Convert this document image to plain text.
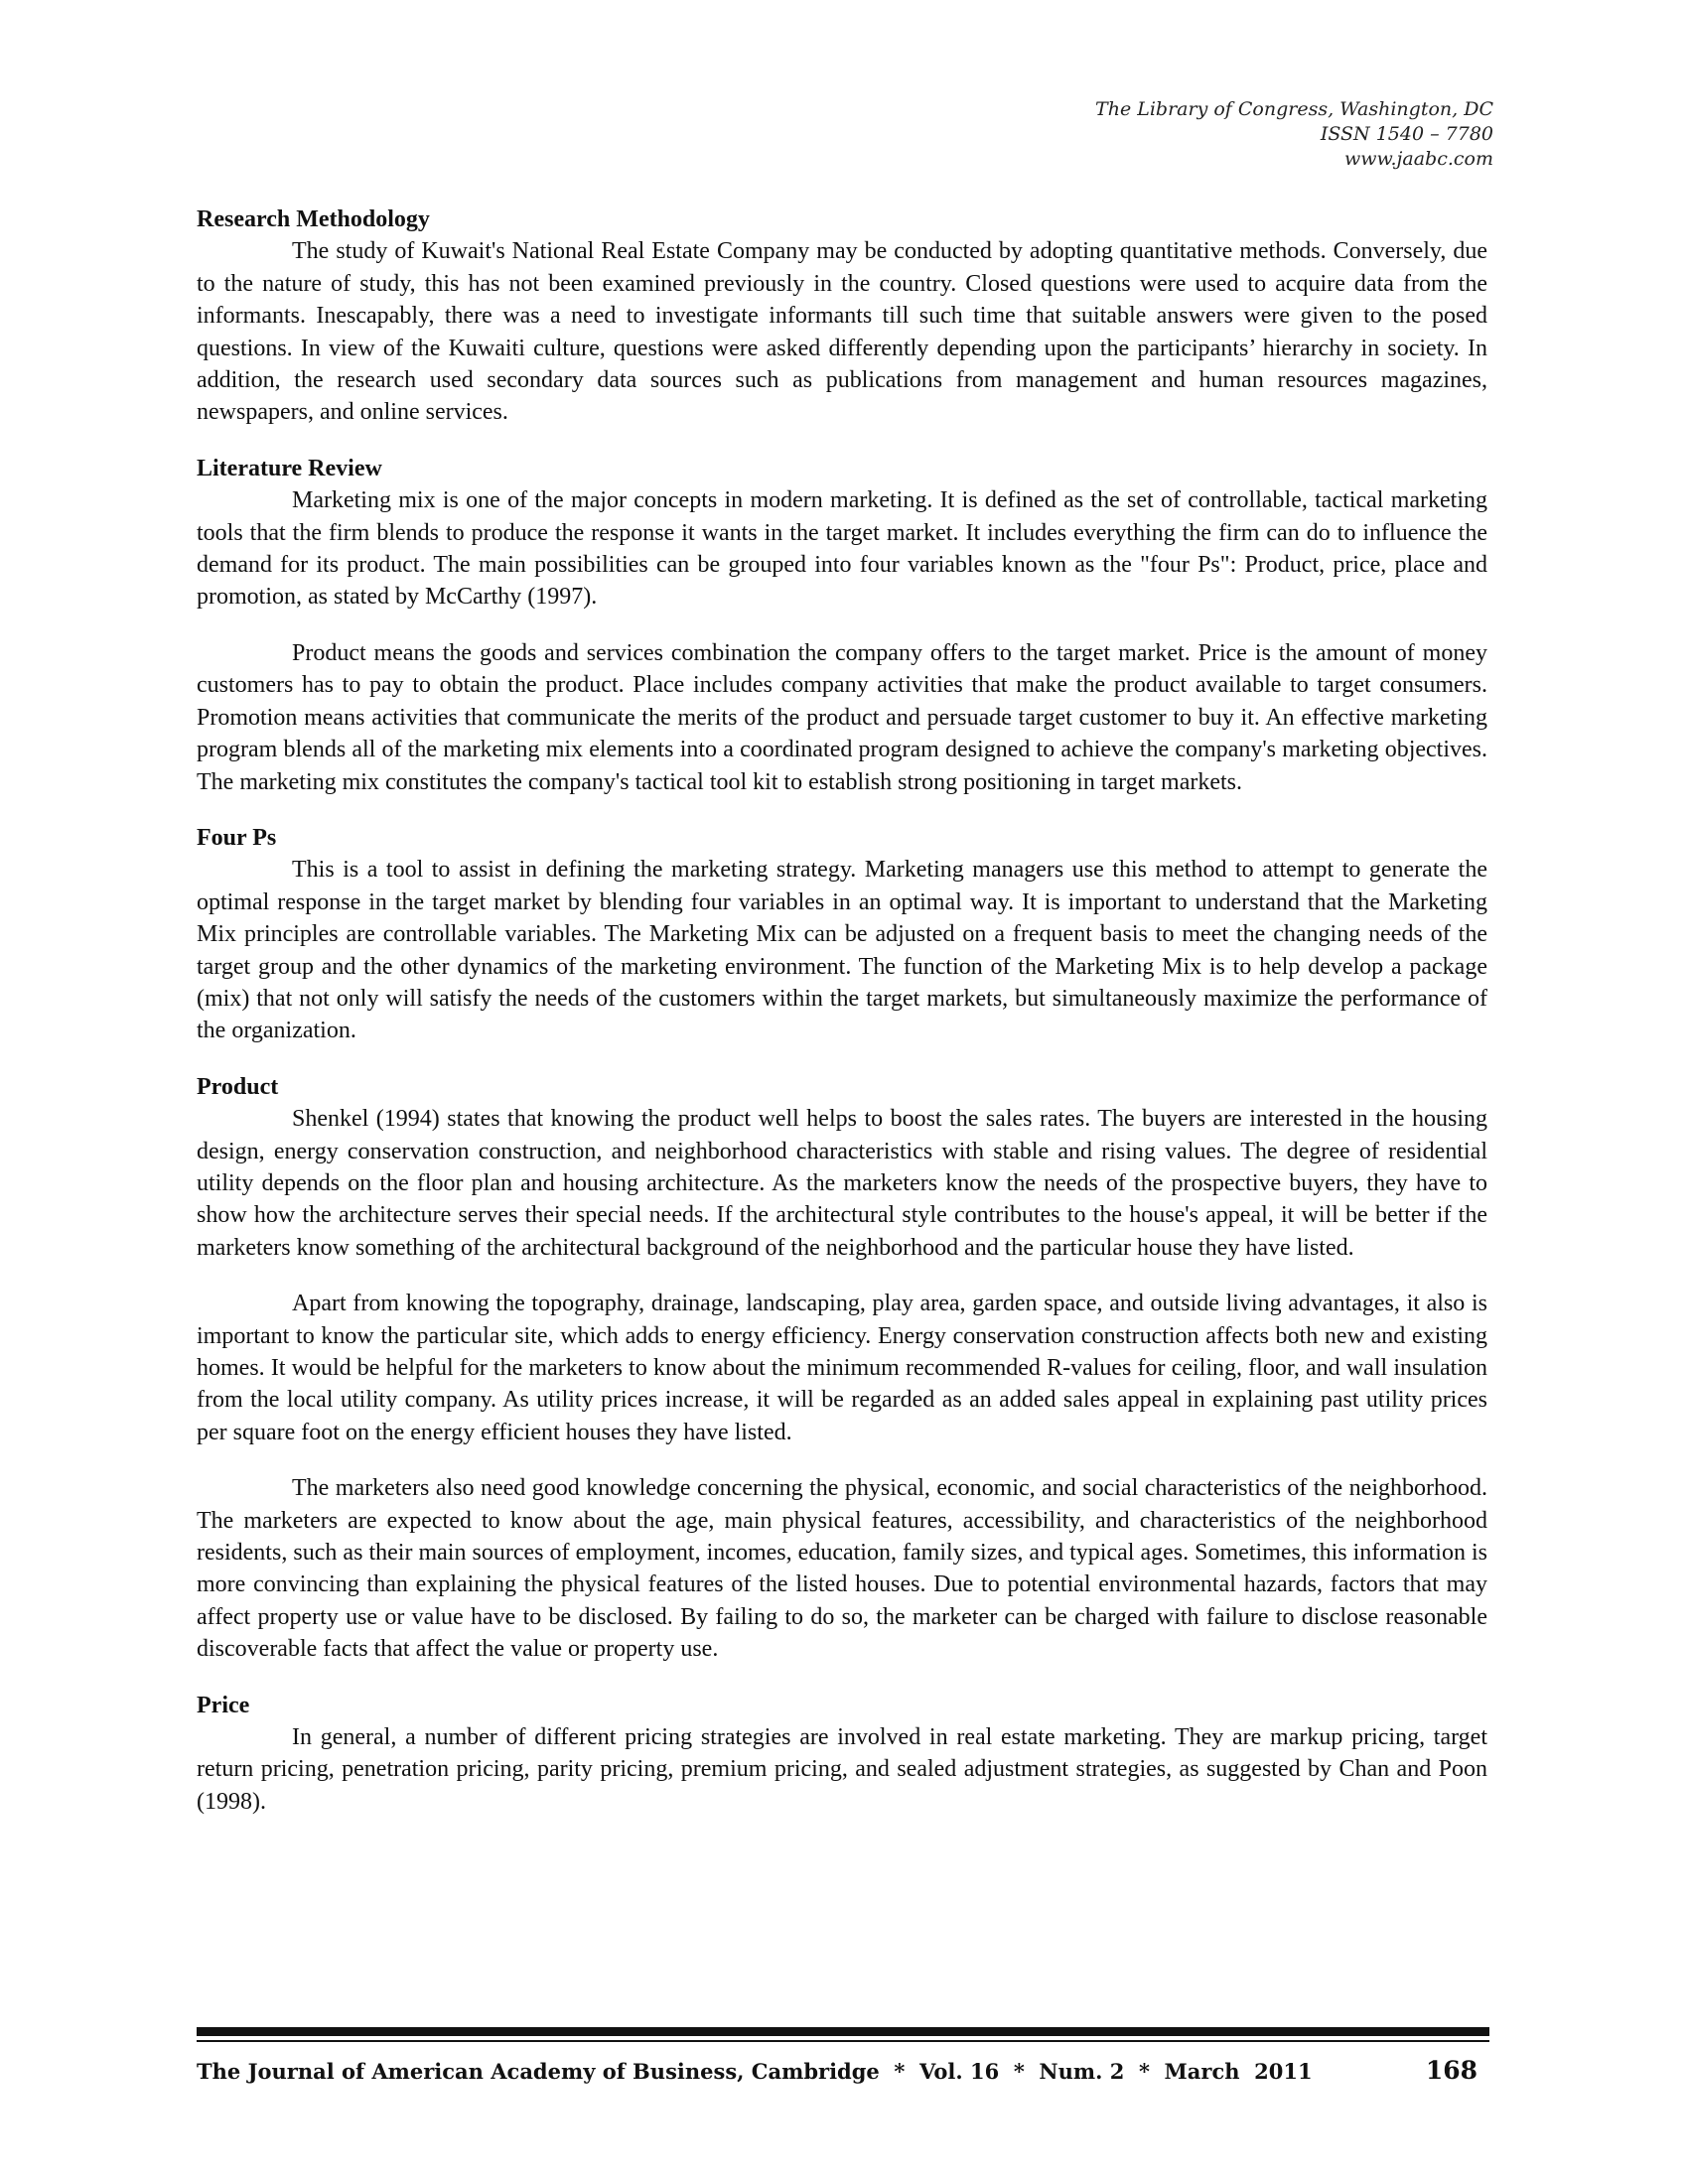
The Library of Congress, Washington, DC
ISSN 1540 – 7780
www.jaabc.com
Research Methodology

The study of Kuwait's National Real Estate Company may be conducted by adopting quantitative methods. Conversely, due to the nature of study, this has not been examined previously in the country. Closed questions were used to acquire data from the informants. Inescapably, there was a need to investigate informants till such time that suitable answers were given to the posed questions. In view of the Kuwaiti culture, questions were asked differently depending upon the participants’ hierarchy in society. In addition, the research used secondary data sources such as publications from management and human resources magazines, newspapers, and online services.

Literature Review

Marketing mix is one of the major concepts in modern marketing. It is defined as the set of controllable, tactical marketing tools that the firm blends to produce the response it wants in the target market. It includes everything the firm can do to influence the demand for its product. The main possibilities can be grouped into four variables known as the "four Ps": Product, price, place and promotion, as stated by McCarthy (1997).

Product means the goods and services combination the company offers to the target market. Price is the amount of money customers has to pay to obtain the product. Place includes company activities that make the product available to target consumers. Promotion means activities that communicate the merits of the product and persuade target customer to buy it. An effective marketing program blends all of the marketing mix elements into a coordinated program designed to achieve the company's marketing objectives. The marketing mix constitutes the company's tactical tool kit to establish strong positioning in target markets.

Four Ps

This is a tool to assist in defining the marketing strategy. Marketing managers use this method to attempt to generate the optimal response in the target market by blending four variables in an optimal way. It is important to understand that the Marketing Mix principles are controllable variables. The Marketing Mix can be adjusted on a frequent basis to meet the changing needs of the target group and the other dynamics of the marketing environment. The function of the Marketing Mix is to help develop a package (mix) that not only will satisfy the needs of the customers within the target markets, but simultaneously maximize the performance of the organization.

Product

Shenkel (1994) states that knowing the product well helps to boost the sales rates. The buyers are interested in the housing design, energy conservation construction, and neighborhood characteristics with stable and rising values. The degree of residential utility depends on the floor plan and housing architecture. As the marketers know the needs of the prospective buyers, they have to show how the architecture serves their special needs. If the architectural style contributes to the house's appeal, it will be better if the marketers know something of the architectural background of the neighborhood and the particular house they have listed.

Apart from knowing the topography, drainage, landscaping, play area, garden space, and outside living advantages, it also is important to know the particular site, which adds to energy efficiency. Energy conservation construction affects both new and existing homes. It would be helpful for the marketers to know about the minimum recommended R-values for ceiling, floor, and wall insulation from the local utility company. As utility prices increase, it will be regarded as an added sales appeal in explaining past utility prices per square foot on the energy efficient houses they have listed.

The marketers also need good knowledge concerning the physical, economic, and social characteristics of the neighborhood. The marketers are expected to know about the age, main physical features, accessibility, and characteristics of the neighborhood residents, such as their main sources of employment, incomes, education, family sizes, and typical ages. Sometimes, this information is more convincing than explaining the physical features of the listed houses. Due to potential environmental hazards, factors that may affect property use or value have to be disclosed. By failing to do so, the marketer can be charged with failure to disclose reasonable discoverable facts that affect the value or property use.

Price

In general, a number of different pricing strategies are involved in real estate marketing. They are markup pricing, target return pricing, penetration pricing, parity pricing, premium pricing, and sealed adjustment strategies, as suggested by Chan and Poon (1998).

The Journal of American Academy of Business, Cambridge  *  Vol. 16  *  Num. 2  *  March  2011	168
